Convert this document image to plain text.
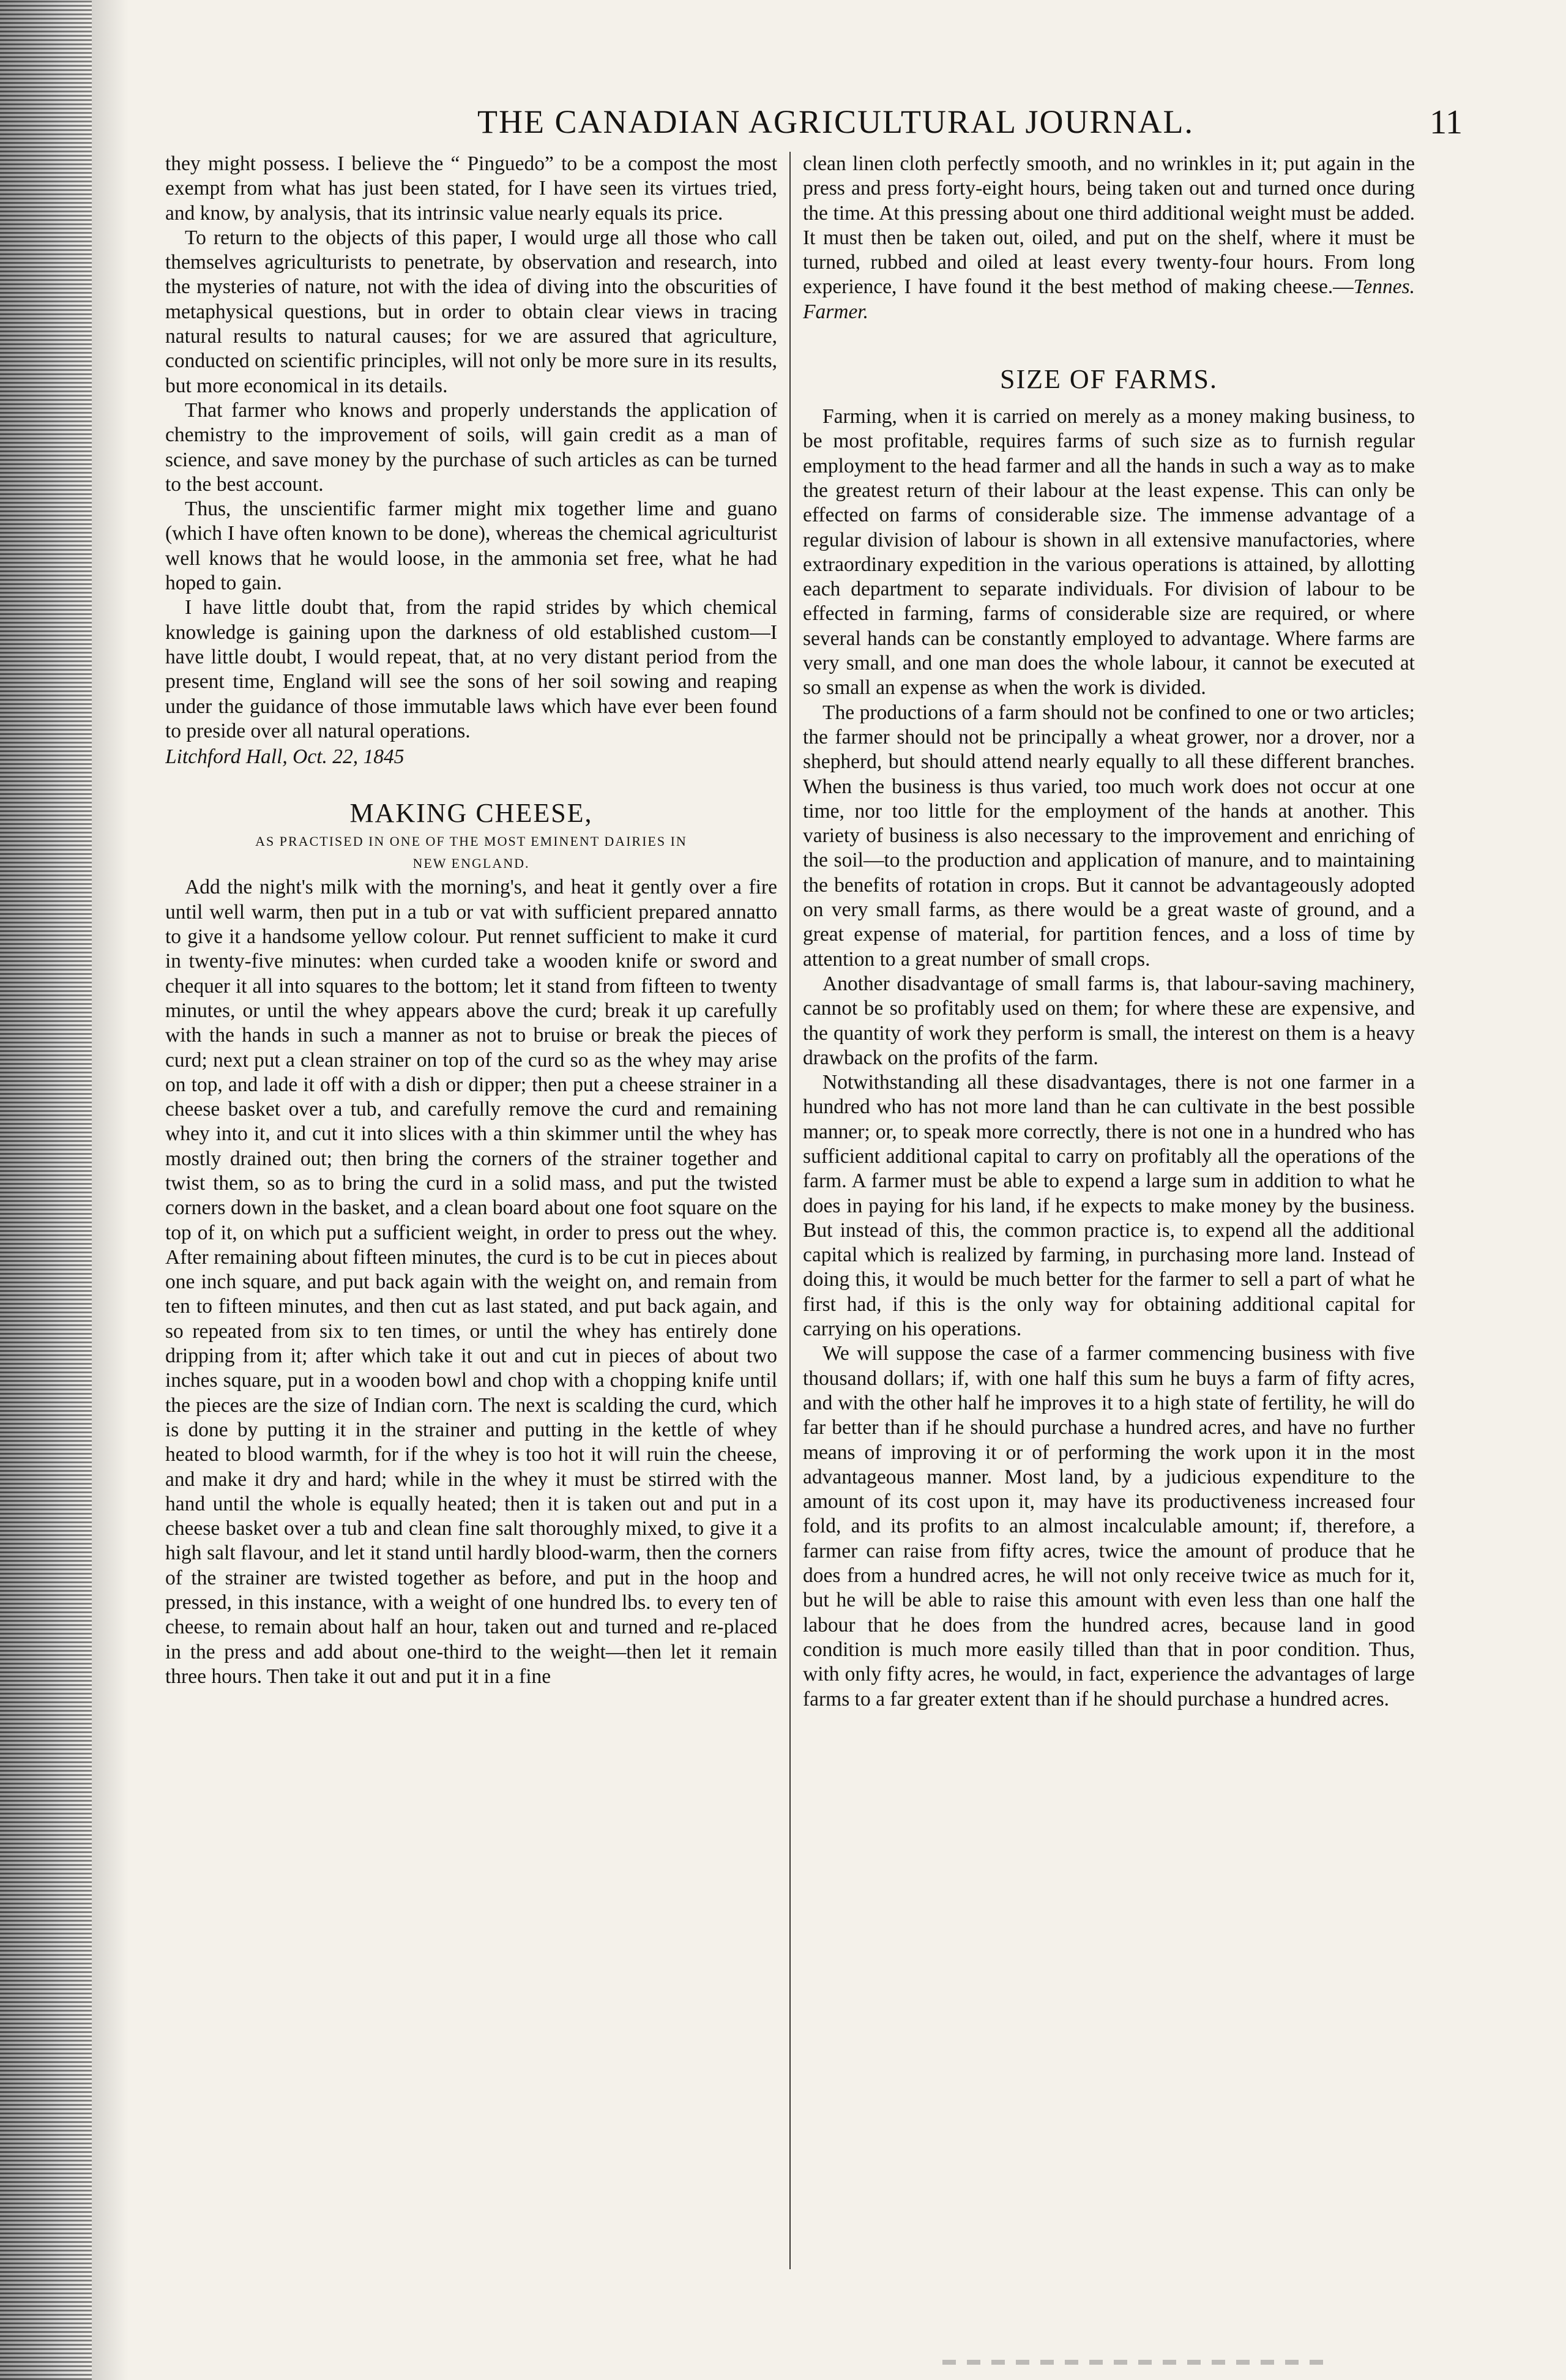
THE CANADIAN AGRICULTURAL JOURNAL.	11

they might possess. I believe the “ Pinguedo” to be a compost the most exempt from what has just been stated, for I have seen its virtues tried, and know, by analysis, that its intrinsic value nearly equals its price.

To return to the objects of this paper, I would urge all those who call themselves agriculturists to penetrate, by observation and research, into the mysteries of nature, not with the idea of diving into the obscurities of metaphysical questions, but in order to obtain clear views in tracing natural results to natural causes; for we are assured that agriculture, conducted on scientific principles, will not only be more sure in its results, but more economical in its details.

That farmer who knows and properly understands the application of chemistry to the improvement of soils, will gain credit as a man of science, and save money by the purchase of such articles as can be turned to the best account.

Thus, the unscientific farmer might mix together lime and guano (which I have often known to be done), whereas the chemical agriculturist well knows that he would loose, in the ammonia set free, what he had hoped to gain.

I have little doubt that, from the rapid strides by which chemical knowledge is gaining upon the darkness of old established custom—I have little doubt, I would repeat, that, at no very distant period from the present time, England will see the sons of her soil sowing and reaping under the guidance of those immutable laws which have ever been found to preside over all natural operations.

Litchford Hall, Oct. 22, 1845

MAKING CHEESE,
AS PRACTISED IN ONE OF THE MOST EMINENT DAIRIES IN
NEW ENGLAND.

Add the night's milk with the morning's, and heat it gently over a fire until well warm, then put in a tub or vat with sufficient prepared annatto to give it a handsome yellow colour. Put rennet sufficient to make it curd in twenty-five minutes: when curded take a wooden knife or sword and chequer it all into squares to the bottom; let it stand from fifteen to twenty minutes, or until the whey appears above the curd; break it up carefully with the hands in such a manner as not to bruise or break the pieces of curd; next put a clean strainer on top of the curd so as the whey may arise on top, and lade it off with a dish or dipper; then put a cheese strainer in a cheese basket over a tub, and carefully remove the curd and remaining whey into it, and cut it into slices with a thin skimmer until the whey has mostly drained out; then bring the corners of the strainer together and twist them, so as to bring the curd in a solid mass, and put the twisted corners down in the basket, and a clean board about one foot square on the top of it, on which put a sufficient weight, in order to press out the whey. After remaining about fifteen minutes, the curd is to be cut in pieces about one inch square, and put back again with the weight on, and remain from ten to fifteen minutes, and then cut as last stated, and put back again, and so repeated from six to ten times, or until the whey has entirely done dripping from it; after which take it out and cut in pieces of about two inches square, put in a wooden bowl and chop with a chopping knife until the pieces are the size of Indian corn. The next is scalding the curd, which is done by putting it in the strainer and putting in the kettle of whey heated to blood warmth, for if the whey is too hot it will ruin the cheese, and make it dry and hard; while in the whey it must be stirred with the hand until the whole is equally heated; then it is taken out and put in a cheese basket over a tub and clean fine salt thoroughly mixed, to give it a high salt flavour, and let it stand until hardly blood-warm, then the corners of the strainer are twisted together as before, and put in the hoop and pressed, in this instance, with a weight of one hundred lbs. to every ten of cheese, to remain about half an hour, taken out and turned and re-placed in the press and add about one-third to the weight—then let it remain three hours. Then take it out and put it in a fine

clean linen cloth perfectly smooth, and no wrinkles in it; put again in the press and press forty-eight hours, being taken out and turned once during the time. At this pressing about one third additional weight must be added. It must then be taken out, oiled, and put on the shelf, where it must be turned, rubbed and oiled at least every twenty-four hours. From long experience, I have found it the best method of making cheese.—Tennes. Farmer.

SIZE OF FARMS.

Farming, when it is carried on merely as a money making business, to be most profitable, requires farms of such size as to furnish regular employment to the head farmer and all the hands in such a way as to make the greatest return of their labour at the least expense. This can only be effected on farms of considerable size. The immense advantage of a regular division of labour is shown in all extensive manufactories, where extraordinary expedition in the various operations is attained, by allotting each department to separate individuals. For division of labour to be effected in farming, farms of considerable size are required, or where several hands can be constantly employed to advantage. Where farms are very small, and one man does the whole labour, it cannot be executed at so small an expense as when the work is divided.

The productions of a farm should not be confined to one or two articles; the farmer should not be principally a wheat grower, nor a drover, nor a shepherd, but should attend nearly equally to all these different branches. When the business is thus varied, too much work does not occur at one time, nor too little for the employment of the hands at another. This variety of business is also necessary to the improvement and enriching of the soil—to the production and application of manure, and to maintaining the benefits of rotation in crops. But it cannot be advantageously adopted on very small farms, as there would be a great waste of ground, and a great expense of material, for partition fences, and a loss of time by attention to a great number of small crops.

Another disadvantage of small farms is, that labour-saving machinery, cannot be so profitably used on them; for where these are expensive, and the quantity of work they perform is small, the interest on them is a heavy drawback on the profits of the farm.

Notwithstanding all these disadvantages, there is not one farmer in a hundred who has not more land than he can cultivate in the best possible manner; or, to speak more correctly, there is not one in a hundred who has sufficient additional capital to carry on profitably all the operations of the farm. A farmer must be able to expend a large sum in addition to what he does in paying for his land, if he expects to make money by the business. But instead of this, the common practice is, to expend all the additional capital which is realized by farming, in purchasing more land. Instead of doing this, it would be much better for the farmer to sell a part of what he first had, if this is the only way for obtaining additional capital for carrying on his operations.

We will suppose the case of a farmer commencing business with five thousand dollars; if, with one half this sum he buys a farm of fifty acres, and with the other half he improves it to a high state of fertility, he will do far better than if he should purchase a hundred acres, and have no further means of improving it or of performing the work upon it in the most advantageous manner. Most land, by a judicious expenditure to the amount of its cost upon it, may have its productiveness increased four fold, and its profits to an almost incalculable amount; if, therefore, a farmer can raise from fifty acres, twice the amount of produce that he does from a hundred acres, he will not only receive twice as much for it, but he will be able to raise this amount with even less than one half the labour that he does from the hundred acres, because land in good condition is much more easily tilled than that in poor condition. Thus, with only fifty acres, he would, in fact, experience the advantages of large farms to a far greater extent than if he should purchase a hundred acres.
